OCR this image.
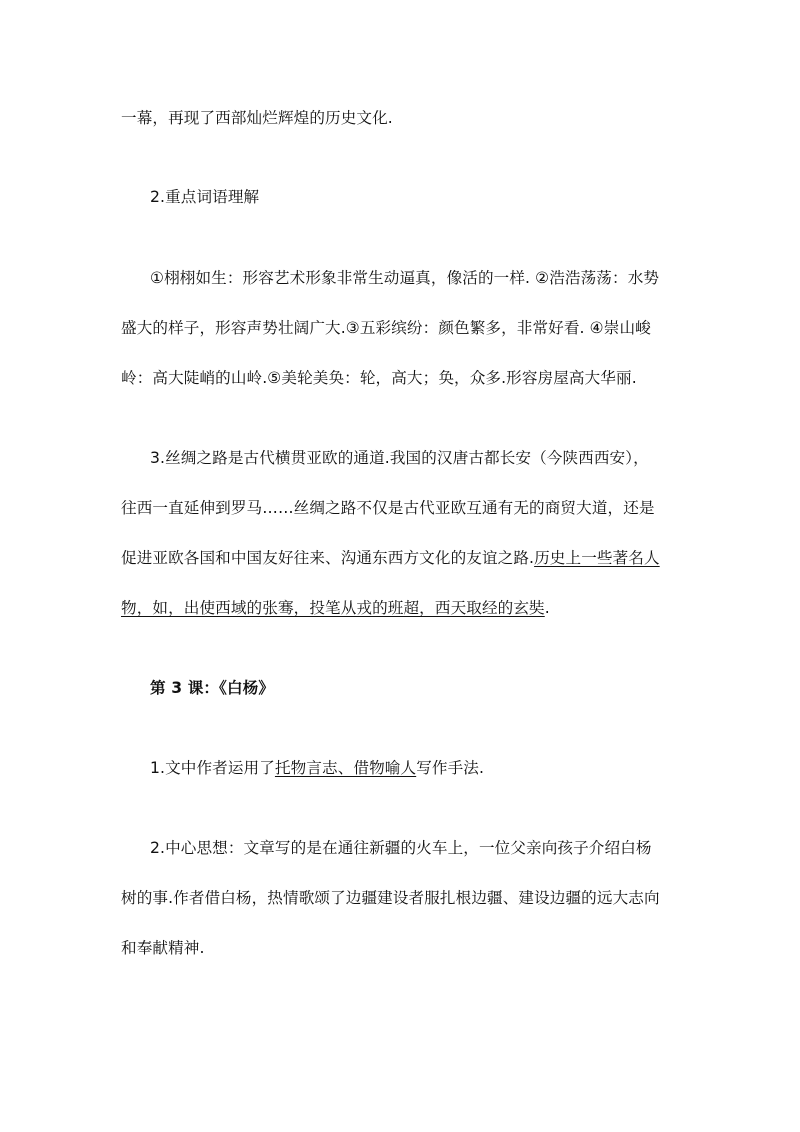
一幕，再现了西部灿烂辉煌的历史文化.
2.重点词语理解
①栩栩如生：形容艺术形象非常生动逼真，像活的一样. ②浩浩荡荡：水势
盛大的样子，形容声势壮阔广大.③五彩缤纷：颜色繁多，非常好看. ④崇山峻
岭：高大陡峭的山岭.⑤美轮美奂：轮，高大；奂，众多.形容房屋高大华丽.
3.丝绸之路是古代横贯亚欧的通道.我国的汉唐古都长安（今陕西西安），
往西一直延伸到罗马……丝绸之路不仅是古代亚欧互通有无的商贸大道，还是
促进亚欧各国和中国友好往来、沟通东西方文化的友谊之路.历史上一些著名人
物，如，出使西域的张骞，投笔从戎的班超，西天取经的玄奘.
第 3 课：《白杨》
1.文中作者运用了托物言志、借物喻人写作手法.
2.中心思想：文章写的是在通往新疆的火车上，一位父亲向孩子介绍白杨
树的事.作者借白杨，热情歌颂了边疆建设者服扎根边疆、建设边疆的远大志向
和奉献精神.
